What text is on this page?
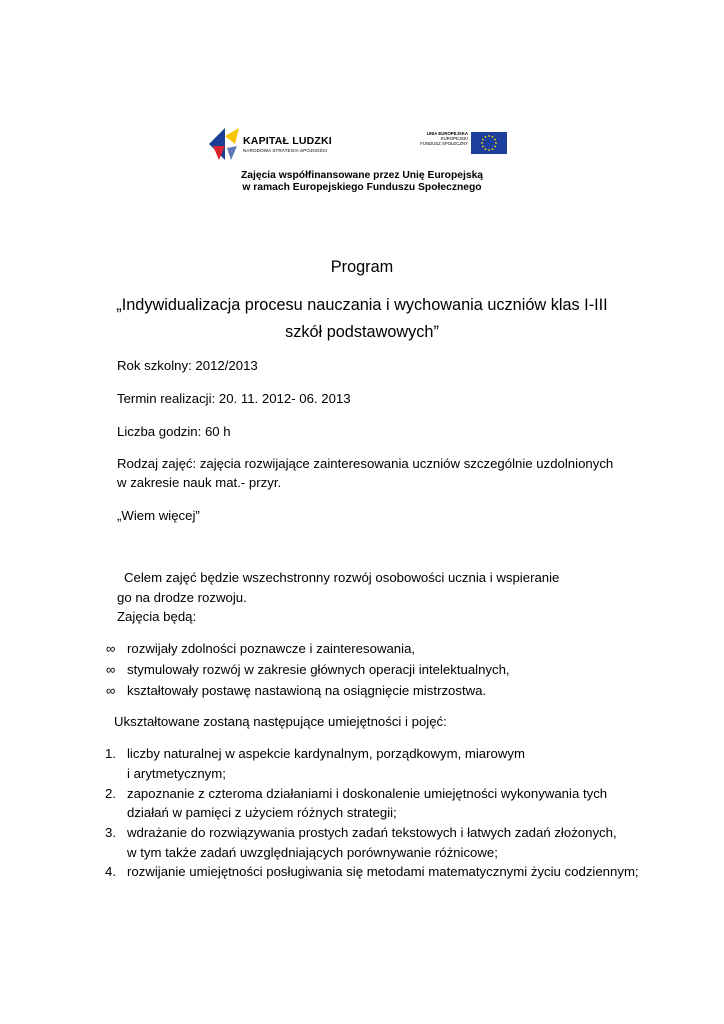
KAPITAŁ LUDZKI
NARODOWA STRATEGIA SPÓJNOŚCI
UNIA EUROPEJSKA
EUROPEJSKI
FUNDUSZ SPOŁECZNY
Zajęcia współfinansowane przez Unię Europejską
w ramach Europejskiego Funduszu Społecznego
Program
„Indywidualizacja procesu nauczania i wychowania uczniów klas I-III
szkół podstawowych”
Rok szkolny: 2012/2013
Termin realizacji: 20. 11. 2012- 06. 2013
Liczba godzin: 60 h
Rodzaj zajęć: zajęcia rozwijające zainteresowania uczniów szczególnie uzdolnionych
w zakresie nauk mat.- przyr.
„Wiem więcej”
Celem zajęć będzie wszechstronny rozwój osobowości ucznia i wspieranie
go na drodze rozwoju.
Zajęcia będą:
∞ rozwijały zdolności poznawcze i zainteresowania,
∞ stymulowały rozwój w zakresie głównych operacji intelektualnych,
∞ kształtowały postawę nastawioną na osiągnięcie mistrzostwa.
Ukształtowane zostaną następujące umiejętności i pojęć:
1. liczby naturalnej w aspekcie kardynalnym, porządkowym, miarowym
i arytmetycznym;
2. zapoznanie z czteroma działaniami i doskonalenie umiejętności wykonywania tych
działań w pamięci z użyciem różnych strategii;
3. wdrażanie do rozwiązywania prostych zadań tekstowych i łatwych zadań złożonych,
w tym także zadań uwzględniających porównywanie różnicowe;
4. rozwijanie umiejętności posługiwania się metodami matematycznymi życiu codziennym;
